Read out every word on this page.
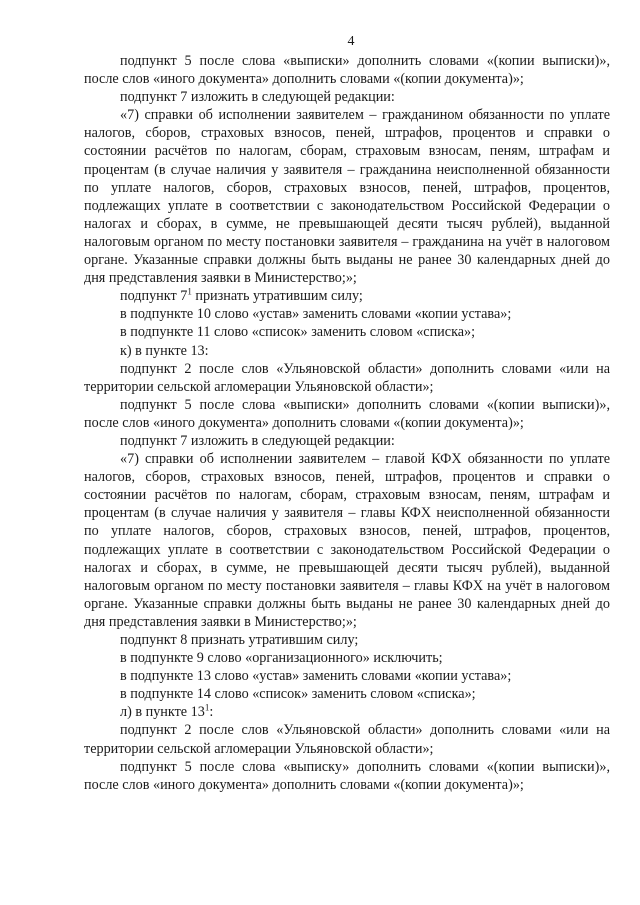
4

подпункт 5 после слова «выписки» дополнить словами «(копии выписки)», после слов «иного документа» дополнить словами «(копии документа)»;

подпункт 7 изложить в следующей редакции:

«7) справки об исполнении заявителем – гражданином обязанности по уплате налогов, сборов, страховых взносов, пеней, штрафов, процентов и справки о состоянии расчётов по налогам, сборам, страховым взносам, пеням, штрафам и процентам (в случае наличия у заявителя – гражданина неисполненной обязанности по уплате налогов, сборов, страховых взносов, пеней, штрафов, процентов, подлежащих уплате в соответствии с законодательством Российской Федерации о налогах и сборах, в сумме, не превышающей десяти тысяч рублей), выданной налоговым органом по месту постановки заявителя – гражданина на учёт в налоговом органе. Указанные справки должны быть выданы не ранее 30 календарных дней до дня представления заявки в Министерство;»;

подпункт $7^1$ признать утратившим силу;

в подпункте 10 слово «устав» заменить словами «копии устава»;

в подпункте 11 слово «список» заменить словом «списка»;

к) в пункте 13:

подпункт 2 после слов «Ульяновской области» дополнить словами «или на территории сельской агломерации Ульяновской области»;

подпункт 5 после слова «выписки» дополнить словами «(копии выписки)», после слов «иного документа» дополнить словами «(копии документа)»;

подпункт 7 изложить в следующей редакции:

«7) справки об исполнении заявителем – главой КФХ обязанности по уплате налогов, сборов, страховых взносов, пеней, штрафов, процентов и справки о состоянии расчётов по налогам, сборам, страховым взносам, пеням, штрафам и процентам (в случае наличия у заявителя – главы КФХ неисполненной обязанности по уплате налогов, сборов, страховых взносов, пеней, штрафов, процентов, подлежащих уплате в соответствии с законодательством Российской Федерации о налогах и сборах, в сумме, не превышающей десяти тысяч рублей), выданной налоговым органом по месту постановки заявителя – главы КФХ на учёт в налоговом органе. Указанные справки должны быть выданы не ранее 30 календарных дней до дня представления заявки в Министерство;»;

подпункт 8 признать утратившим силу;

в подпункте 9 слово «организационного» исключить;

в подпункте 13 слово «устав» заменить словами «копии устава»;

в подпункте 14 слово «список» заменить словом «списка»;

л) в пункте $13^1$:

подпункт 2 после слов «Ульяновской области» дополнить словами «или на территории сельской агломерации Ульяновской области»;

подпункт 5 после слова «выписку» дополнить словами «(копии выписки)», после слов «иного документа» дополнить словами «(копии документа)»;
